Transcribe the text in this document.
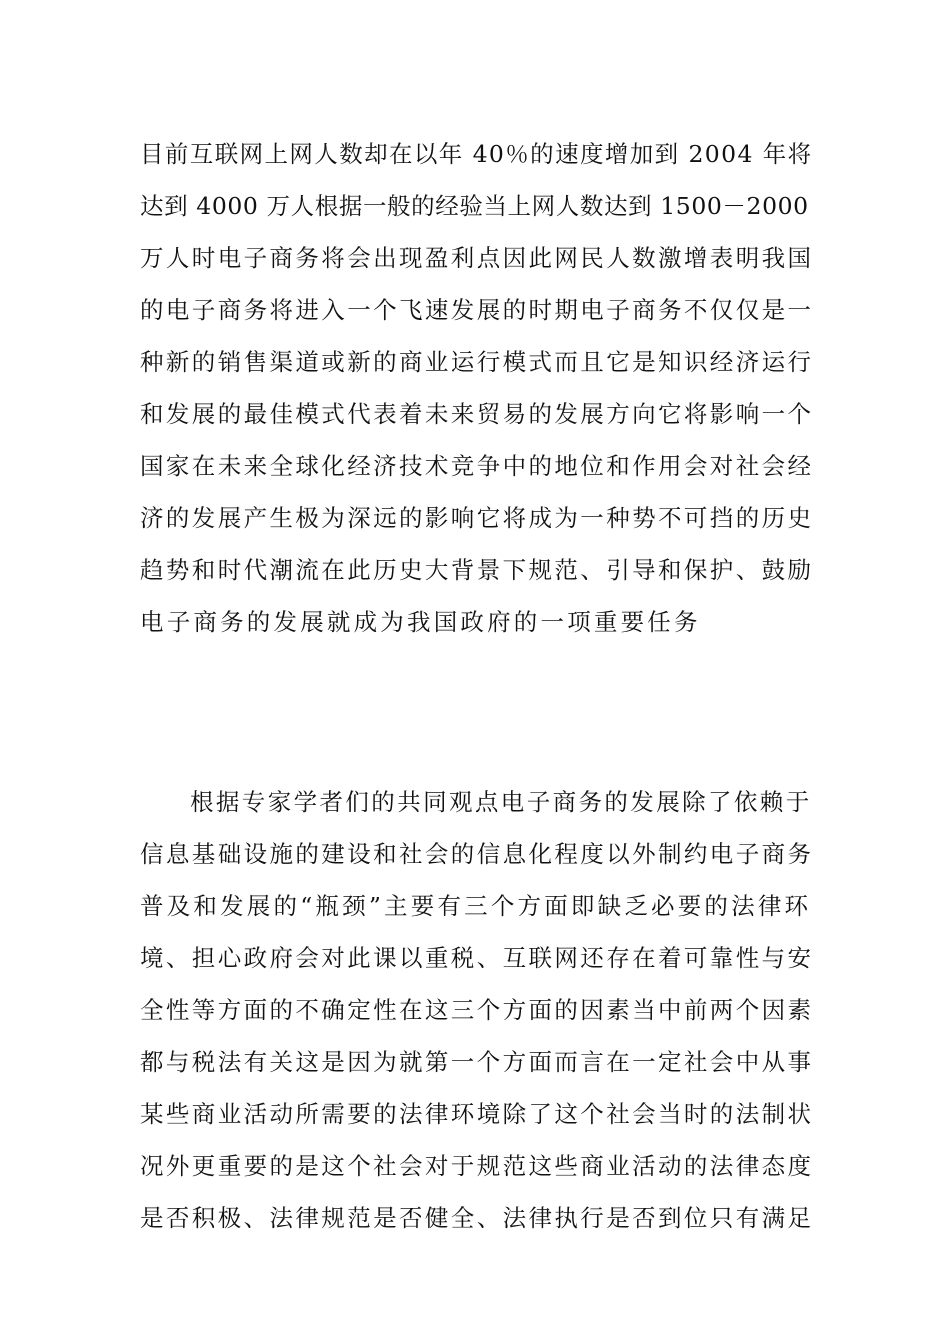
目前互联网上网人数却在以年 40％的速度增加到 2004 年将
达到 4000 万人根据一般的经验当上网人数达到 1500－2000
万人时电子商务将会出现盈利点因此网民人数激增表明我国
的电子商务将进入一个飞速发展的时期电子商务不仅仅是一
种新的销售渠道或新的商业运行模式而且它是知识经济运行
和发展的最佳模式代表着未来贸易的发展方向它将影响一个
国家在未来全球化经济技术竞争中的地位和作用会对社会经
济的发展产生极为深远的影响它将成为一种势不可挡的历史
趋势和时代潮流在此历史大背景下规范、引导和保护、鼓励
电子商务的发展就成为我国政府的一项重要任务
根据专家学者们的共同观点电子商务的发展除了依赖于
信息基础设施的建设和社会的信息化程度以外制约电子商务
普及和发展的“瓶颈”主要有三个方面即缺乏必要的法律环
境、担心政府会对此课以重税、互联网还存在着可靠性与安
全性等方面的不确定性在这三个方面的因素当中前两个因素
都与税法有关这是因为就第一个方面而言在一定社会中从事
某些商业活动所需要的法律环境除了这个社会当时的法制状
况外更重要的是这个社会对于规范这些商业活动的法律态度
是否积极、法律规范是否健全、法律执行是否到位只有满足
